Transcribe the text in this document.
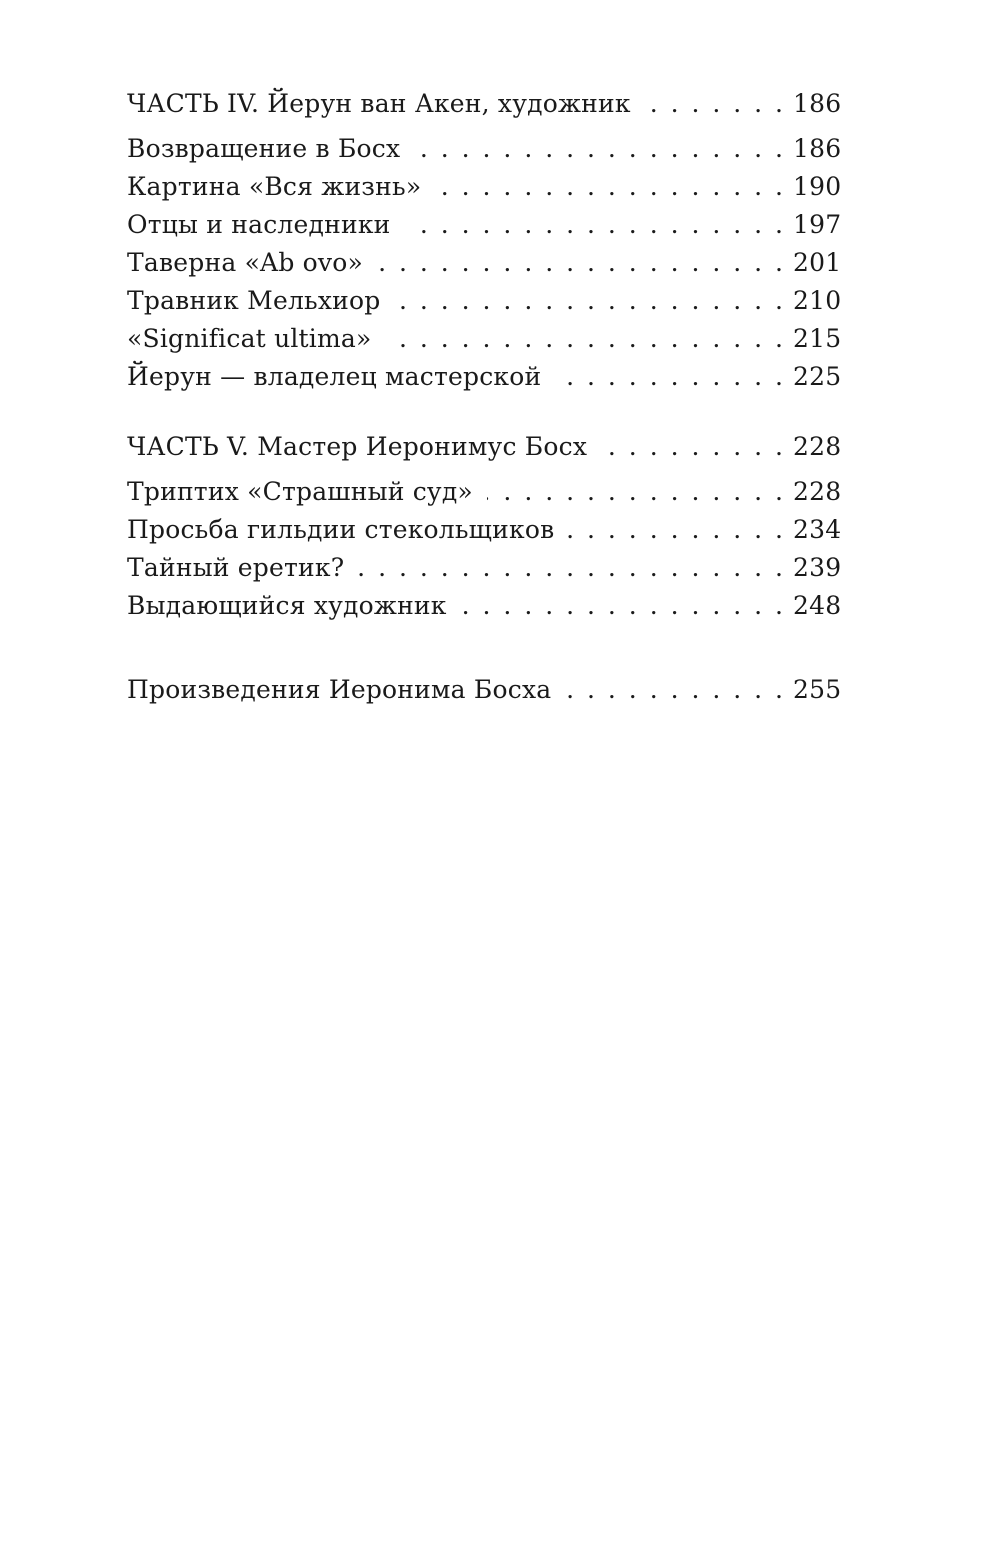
ЧАСТЬ IV. Йерун ван Акен, художник . . .	186
Возвращение в Босх . . .	186
Картина «Вся жизнь» . . .	190
Отцы и наследники . . .	197
Таверна «Ab ovo» . . .	201
Травник Мельхиор . . .	210
«Significat ultima» . . .	215
Йерун — владелец мастерской . . .	225
ЧАСТЬ V. Мастер Иеронимус Босх . . .	228
Триптих «Страшный суд» . . .	228
Просьба гильдии стекольщиков . . .	234
Тайный еретик? . . .	239
Выдающийся художник . . .	248
Произведения Иеронима Босха . . .	255
